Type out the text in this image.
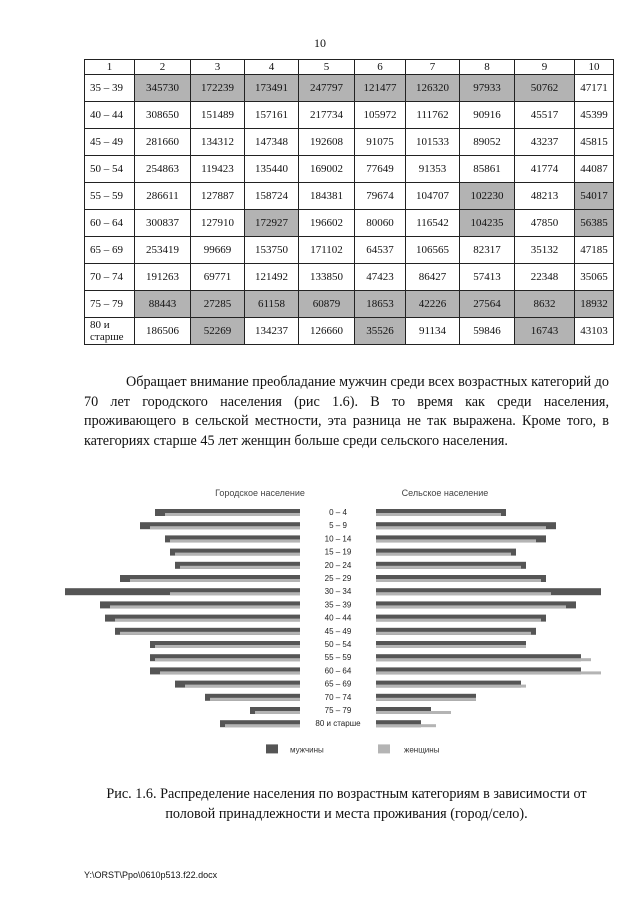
10
1	2	3	4	5	6	7	8	9	10
35 – 39	345730	172239	173491	247797	121477	126320	97933	50762	47171
40 – 44	308650	151489	157161	217734	105972	111762	90916	45517	45399
45 – 49	281660	134312	147348	192608	91075	101533	89052	43237	45815
50 – 54	254863	119423	135440	169002	77649	91353	85861	41774	44087
55 – 59	286611	127887	158724	184381	79674	104707	102230	48213	54017
60 – 64	300837	127910	172927	196602	80060	116542	104235	47850	56385
65 – 69	253419	99669	153750	171102	64537	106565	82317	35132	47185
70 – 74	191263	69771	121492	133850	47423	86427	57413	22348	35065
75 – 79	88443	27285	61158	60879	18653	42226	27564	8632	18932
80 и старше	186506	52269	134237	126660	35526	91134	59846	16743	43103

Обращает внимание преобладание мужчин среди всех возрастных категорий до 70 лет городского населения (рис 1.6). В то время как среди населения, проживающего в сельской местности, эта разница не так выражена. Кроме того, в категориях старше 45 лет женщин больше среди сельского населения.

Городское население	Сельское население
0 – 4
5 – 9
10 – 14
15 – 19
20 – 24
25 – 29
30 – 34
35 – 39
40 – 44
45 – 49
50 – 54
55 – 59
60 – 64
65 – 69
70 – 74
75 – 79
80 и старше
мужчины	женщины

Рис. 1.6. Распределение населения по возрастным категориям в зависимости от половой принадлежности и места проживания (город/село).

Y:\ORST\Рро\0610р513.f22.docx
